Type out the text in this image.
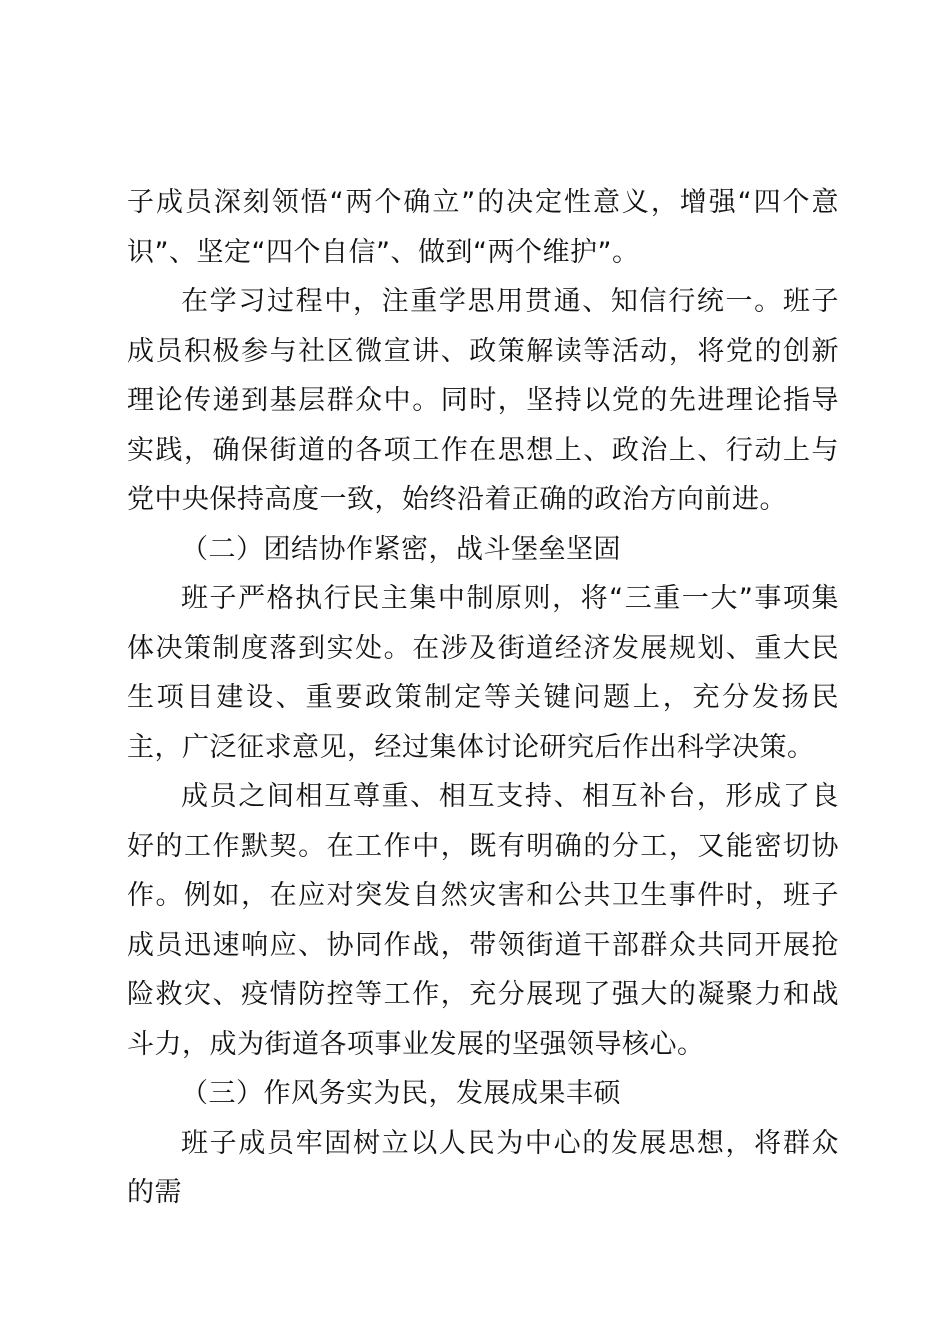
子成员深刻领悟“两个确立”的决定性意义，增强“四个意识”、坚定“四个自信”、做到“两个维护”。

在学习过程中，注重学思用贯通、知信行统一。班子成员积极参与社区微宣讲、政策解读等活动，将党的创新理论传递到基层群众中。同时，坚持以党的先进理论指导实践，确保街道的各项工作在思想上、政治上、行动上与党中央保持高度一致，始终沿着正确的政治方向前进。

（二）团结协作紧密，战斗堡垒坚固

班子严格执行民主集中制原则，将“三重一大”事项集体决策制度落到实处。在涉及街道经济发展规划、重大民生项目建设、重要政策制定等关键问题上，充分发扬民主，广泛征求意见，经过集体讨论研究后作出科学决策。

成员之间相互尊重、相互支持、相互补台，形成了良好的工作默契。在工作中，既有明确的分工，又能密切协作。例如，在应对突发自然灾害和公共卫生事件时，班子成员迅速响应、协同作战，带领街道干部群众共同开展抢险救灾、疫情防控等工作，充分展现了强大的凝聚力和战斗力，成为街道各项事业发展的坚强领导核心。

（三）作风务实为民，发展成果丰硕

班子成员牢固树立以人民为中心的发展思想，将群众的需
